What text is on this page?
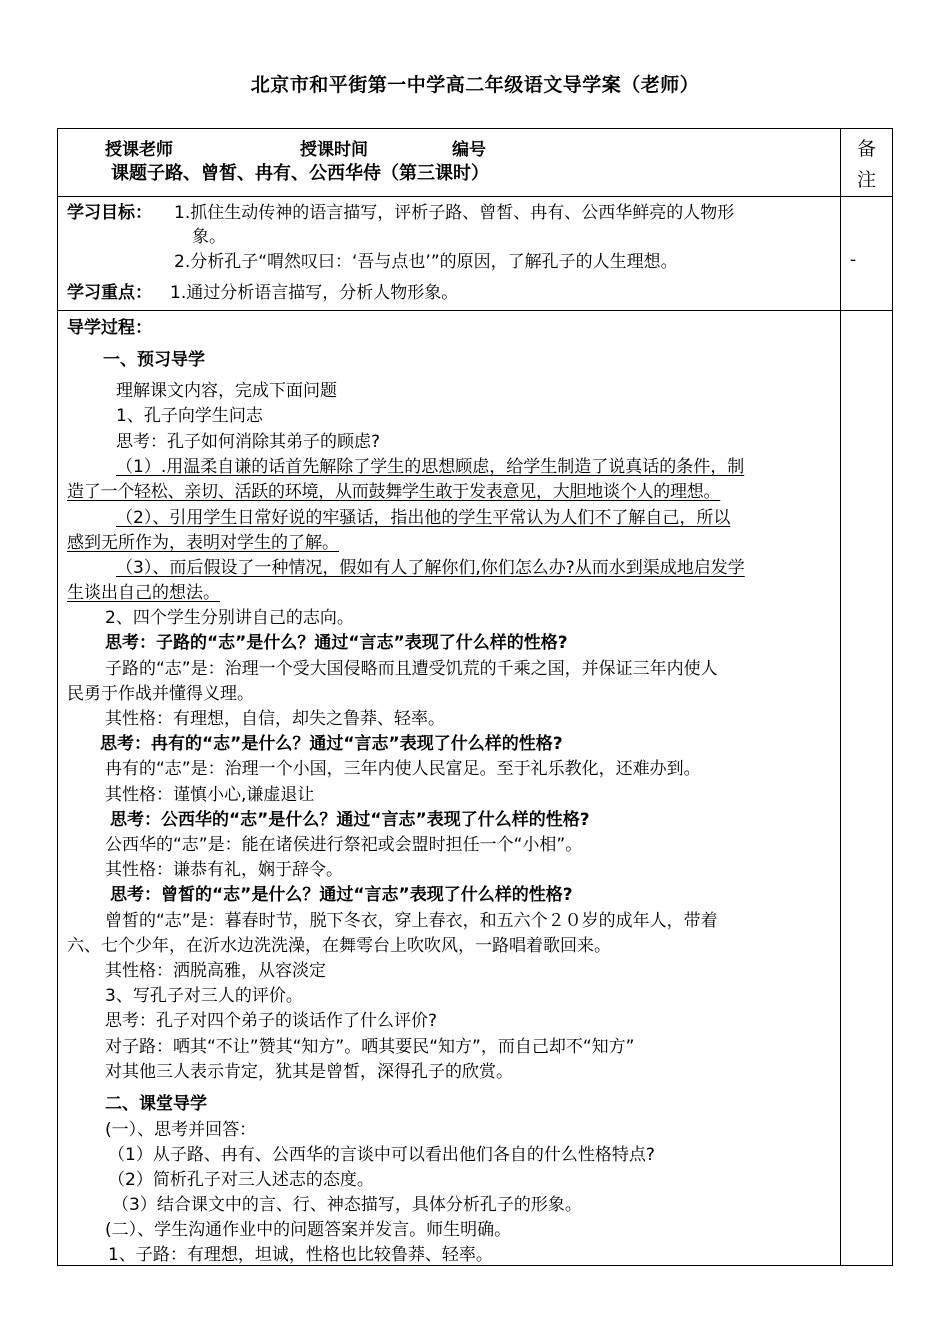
北京市和平街第一中学高二年级语文导学案（老师）
授课老师	授课时间	编号
课题子路、曾皙、冉有、公西华侍（第三课时）
备
注
学习目标： 1.抓住生动传神的语言描写，评析子路、曾皙、冉有、公西华鲜亮的人物形
象。
2.分析孔子“喟然叹曰：‘吾与点也’”的原因，了解孔子的人生理想。
学习重点： 1.通过分析语言描写，分析人物形象。
-
导学过程：
一、预习导学
理解课文内容，完成下面问题
1、孔子向学生问志
思考：孔子如何消除其弟子的顾虑?
（1）.用温柔自谦的话首先解除了学生的思想顾虑，给学生制造了说真话的条件，制
造了一个轻松、亲切、活跃的环境，从而鼓舞学生敢于发表意见，大胆地谈个人的理想。
（2）、引用学生日常好说的牢骚话，指出他的学生平常认为人们不了解自己，所以
感到无所作为，表明对学生的了解。
（3）、而后假设了一种情况，假如有人了解你们,你们怎么办?从而水到渠成地启发学
生谈出自己的想法。
2、四个学生分别讲自己的志向。
思考：子路的“志”是什么？通过“言志”表现了什么样的性格?
子路的“志”是：治理一个受大国侵略而且遭受饥荒的千乘之国，并保证三年内使人
民勇于作战并懂得义理。
其性格：有理想，自信，却失之鲁莽、轻率。
思考：冉有的“志”是什么？通过“言志”表现了什么样的性格?
冉有的“志”是：治理一个小国，三年内使人民富足。至于礼乐教化，还难办到。
其性格：谨慎小心,谦虚退让
思考：公西华的“志”是什么？通过“言志”表现了什么样的性格?
公西华的“志”是：能在诸侯进行祭祀或会盟时担任一个“小相”。
其性格：谦恭有礼，娴于辞令。
思考：曾皙的“志”是什么？通过“言志”表现了什么样的性格?
曾皙的“志”是：暮春时节，脱下冬衣，穿上春衣，和五六个２０岁的成年人，带着
六、七个少年，在沂水边洗洗澡，在舞雩台上吹吹风，一路唱着歌回来。
其性格：洒脱高雅，从容淡定
3、写孔子对三人的评价。
思考：孔子对四个弟子的谈话作了什么评价?
对子路：哂其“不让”赞其“知方”。哂其要民“知方”，而自己却不“知方”
对其他三人表示肯定，犹其是曾皙，深得孔子的欣赏。
二、课堂导学
(一）、思考并回答：
（1）从子路、冉有、公西华的言谈中可以看出他们各自的什么性格特点?
（2）简析孔子对三人述志的态度。
（3）结合课文中的言、行、神态描写，具体分析孔子的形象。
(二）、学生沟通作业中的问题答案并发言。师生明确。
1、子路：有理想，坦诚，性格也比较鲁莽、轻率。
